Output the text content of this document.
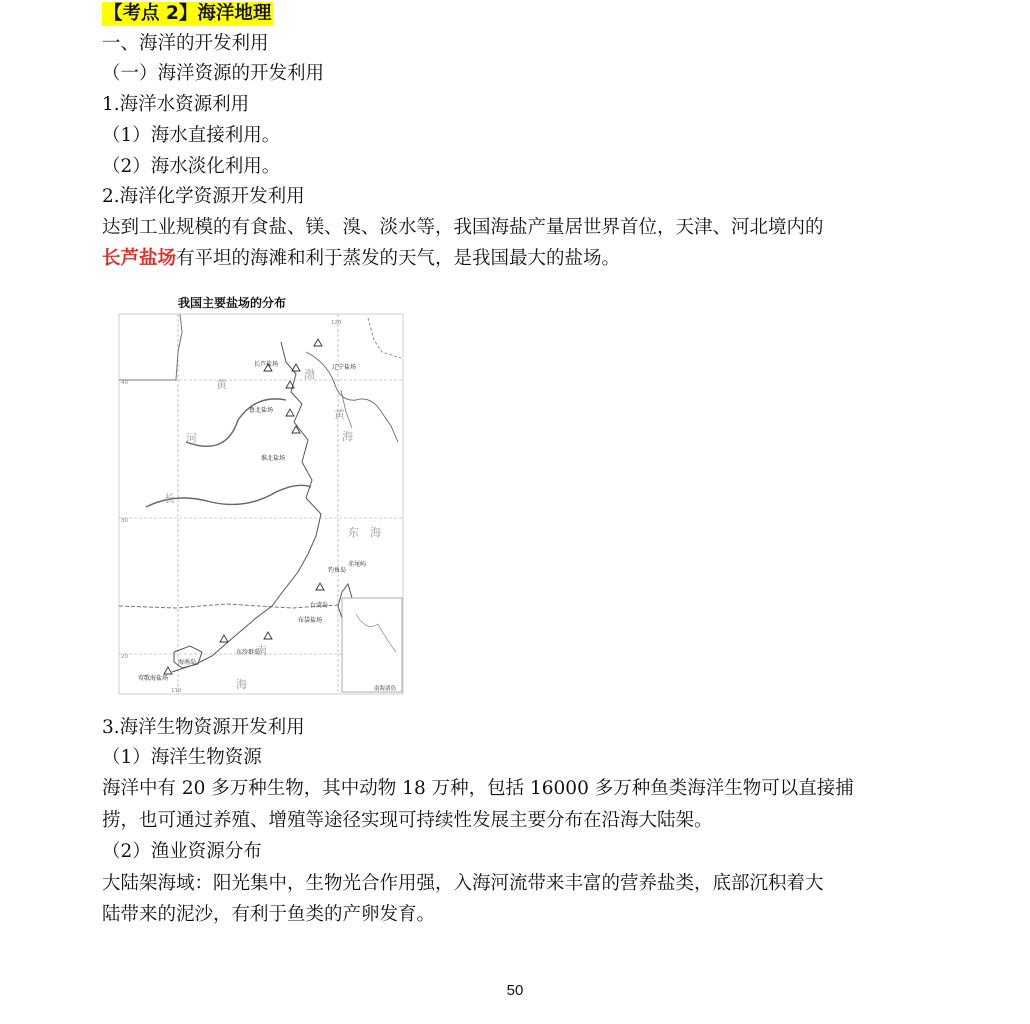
【考点 2】海洋地理
一、海洋的开发利用
（一）海洋资源的开发利用
1.海洋水资源利用
（1）海水直接利用。
（2）海水淡化利用。
2.海洋化学资源开发利用
达到工业规模的有食盐、镁、溴、淡水等，我国海盐产量居世界首位，天津、河北境内的
长芦盐场有平坦的海滩和利于蒸发的天气，是我国最大的盐场。
我国主要盐场的分布
长芦盐场	辽宁盐场
鲁北盐场
淮北盐场
钓鱼岛
赤尾屿
台湾岛
布袋盐场
东沙群岛
海南岛
莺歌海盐场
南海诸岛
黄
河
长
渤
黄
海
东 海
南
海
40
30
20
110
120
3.海洋生物资源开发利用
（1）海洋生物资源
海洋中有 20 多万种生物，其中动物 18 万种，包括 16000 多万种鱼类海洋生物可以直接捕
捞，也可通过养殖、增殖等途径实现可持续性发展主要分布在沿海大陆架。
（2）渔业资源分布
大陆架海域：阳光集中，生物光合作用强，入海河流带来丰富的营养盐类，底部沉积着大
陆带来的泥沙，有利于鱼类的产卵发育。
50
